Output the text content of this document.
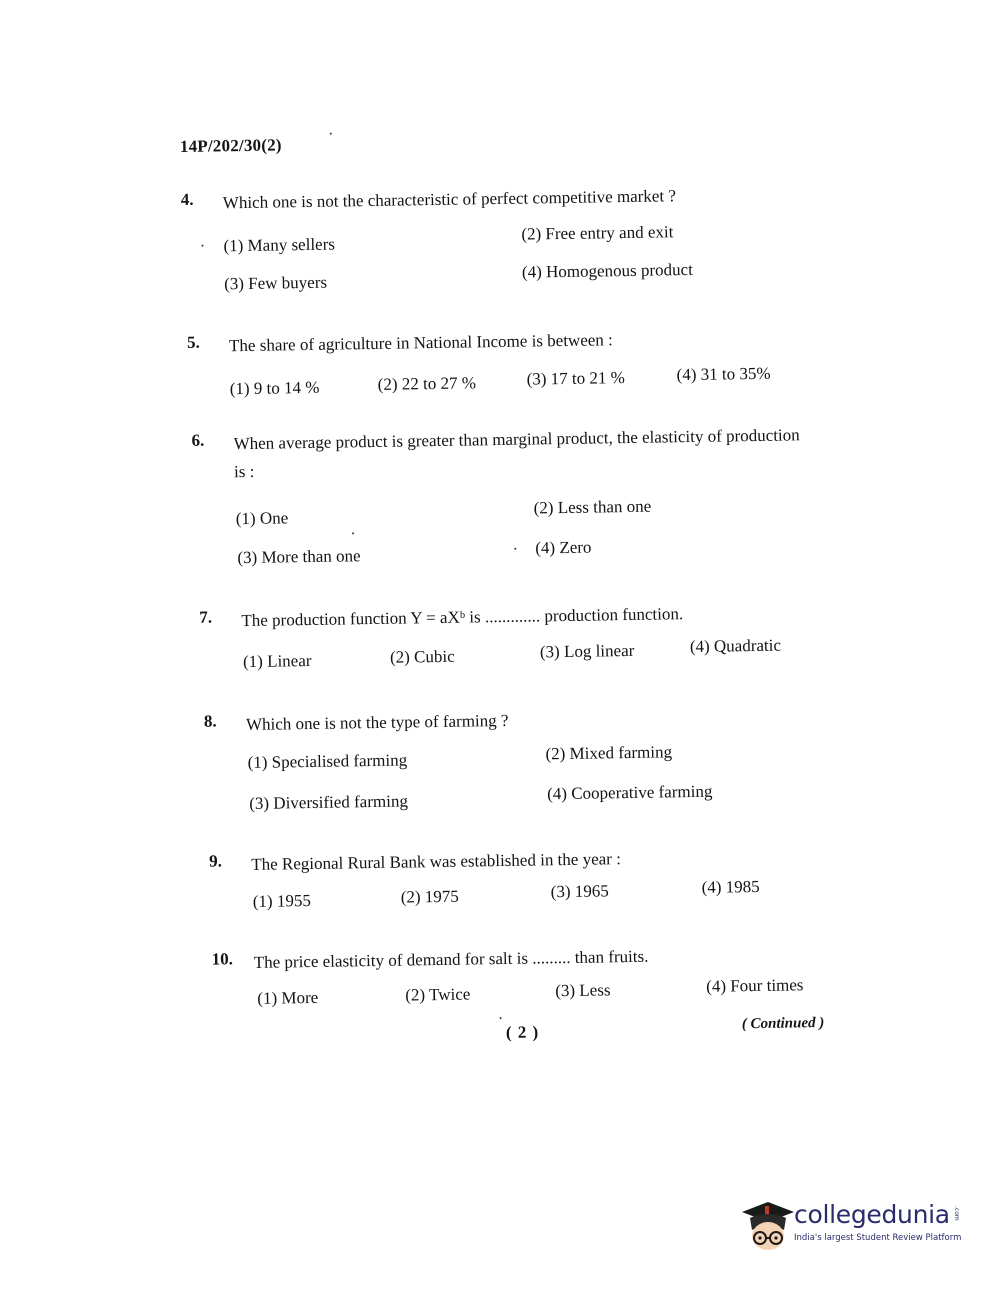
14P/202/30(2)
4. Which one is not the characteristic of perfect competitive market ?
(1) Many sellers
(2) Free entry and exit
(3) Few buyers
(4) Homogenous product
5. The share of agriculture in National Income is between :
(1) 9 to 14 %	(2) 22 to 27 %	(3) 17 to 21 %	(4) 31 to 35%
6. When average product is greater than marginal product, the elasticity of production is :
(1) One
(2) Less than one
(3) More than one	(4) Zero
7. The production function Y = aXᵇ is ............. production function.
(1) Linear	(2) Cubic	(3) Log linear	(4) Quadratic
8. Which one is not the type of farming ?
(1) Specialised farming	(2) Mixed farming
(3) Diversified farming	(4) Cooperative farming
9. The Regional Rural Bank was established in the year :
(1) 1955	(2) 1975	(3) 1965	(4) 1985
10. The price elasticity of demand for salt is ......... than fruits.
(1) More	(2) Twice	(3) Less	(4) Four times
( 2 )	( Continued )
collegedunia .com
India's largest Student Review Platform
